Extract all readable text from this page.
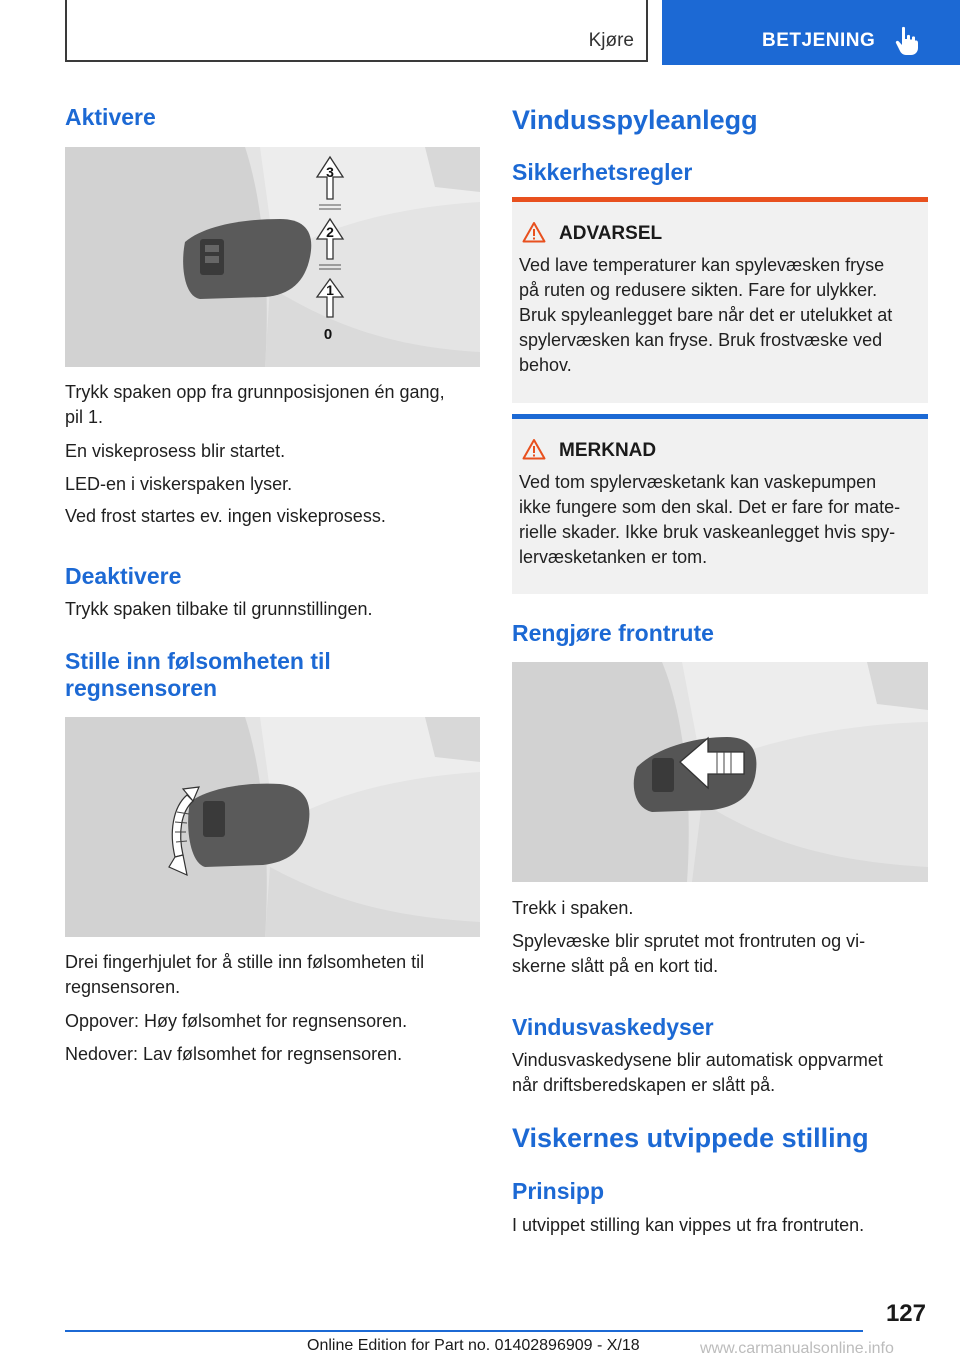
Kjøre	BETJENING
Aktivere
3
2
1
0
Trykk spaken opp fra grunnposisjonen én gang,
pil 1.
En viskeprosess blir startet.
LED-en i viskerspaken lyser.
Ved frost startes ev. ingen viskeprosess.
Deaktivere
Trykk spaken tilbake til grunnstillingen.
Stille inn følsomheten til
regnsensoren
Drei fingerhjulet for å stille inn følsomheten til
regnsensoren.
Oppover: Høy følsomhet for regnsensoren.
Nedover: Lav følsomhet for regnsensoren.
Vindusspyleanlegg
Sikkerhetsregler
ADVARSEL
Ved lave temperaturer kan spylevæsken fryse
på ruten og redusere sikten. Fare for ulykker.
Bruk spyleanlegget bare når det er utelukket at
spylervæsken kan fryse. Bruk frostvæske ved
behov.
MERKNAD
Ved tom spylervæsketank kan vaskepumpen
ikke fungere som den skal. Det er fare for mate-
rielle skader. Ikke bruk vaskeanlegget hvis spy-
lervæsketanken er tom.
Rengjøre frontrute
Trekk i spaken.
Spylevæske blir sprutet mot frontruten og vi-
skerne slått på en kort tid.
Vindusvaskedyser
Vindusvaskedysene blir automatisk oppvarmet
når driftsberedskapen er slått på.
Viskernes utvippede stilling
Prinsipp
I utvippet stilling kan vippes ut fra frontruten.
127
Online Edition for Part no. 01402896909 - X/18	www.carmanualsonline.info
